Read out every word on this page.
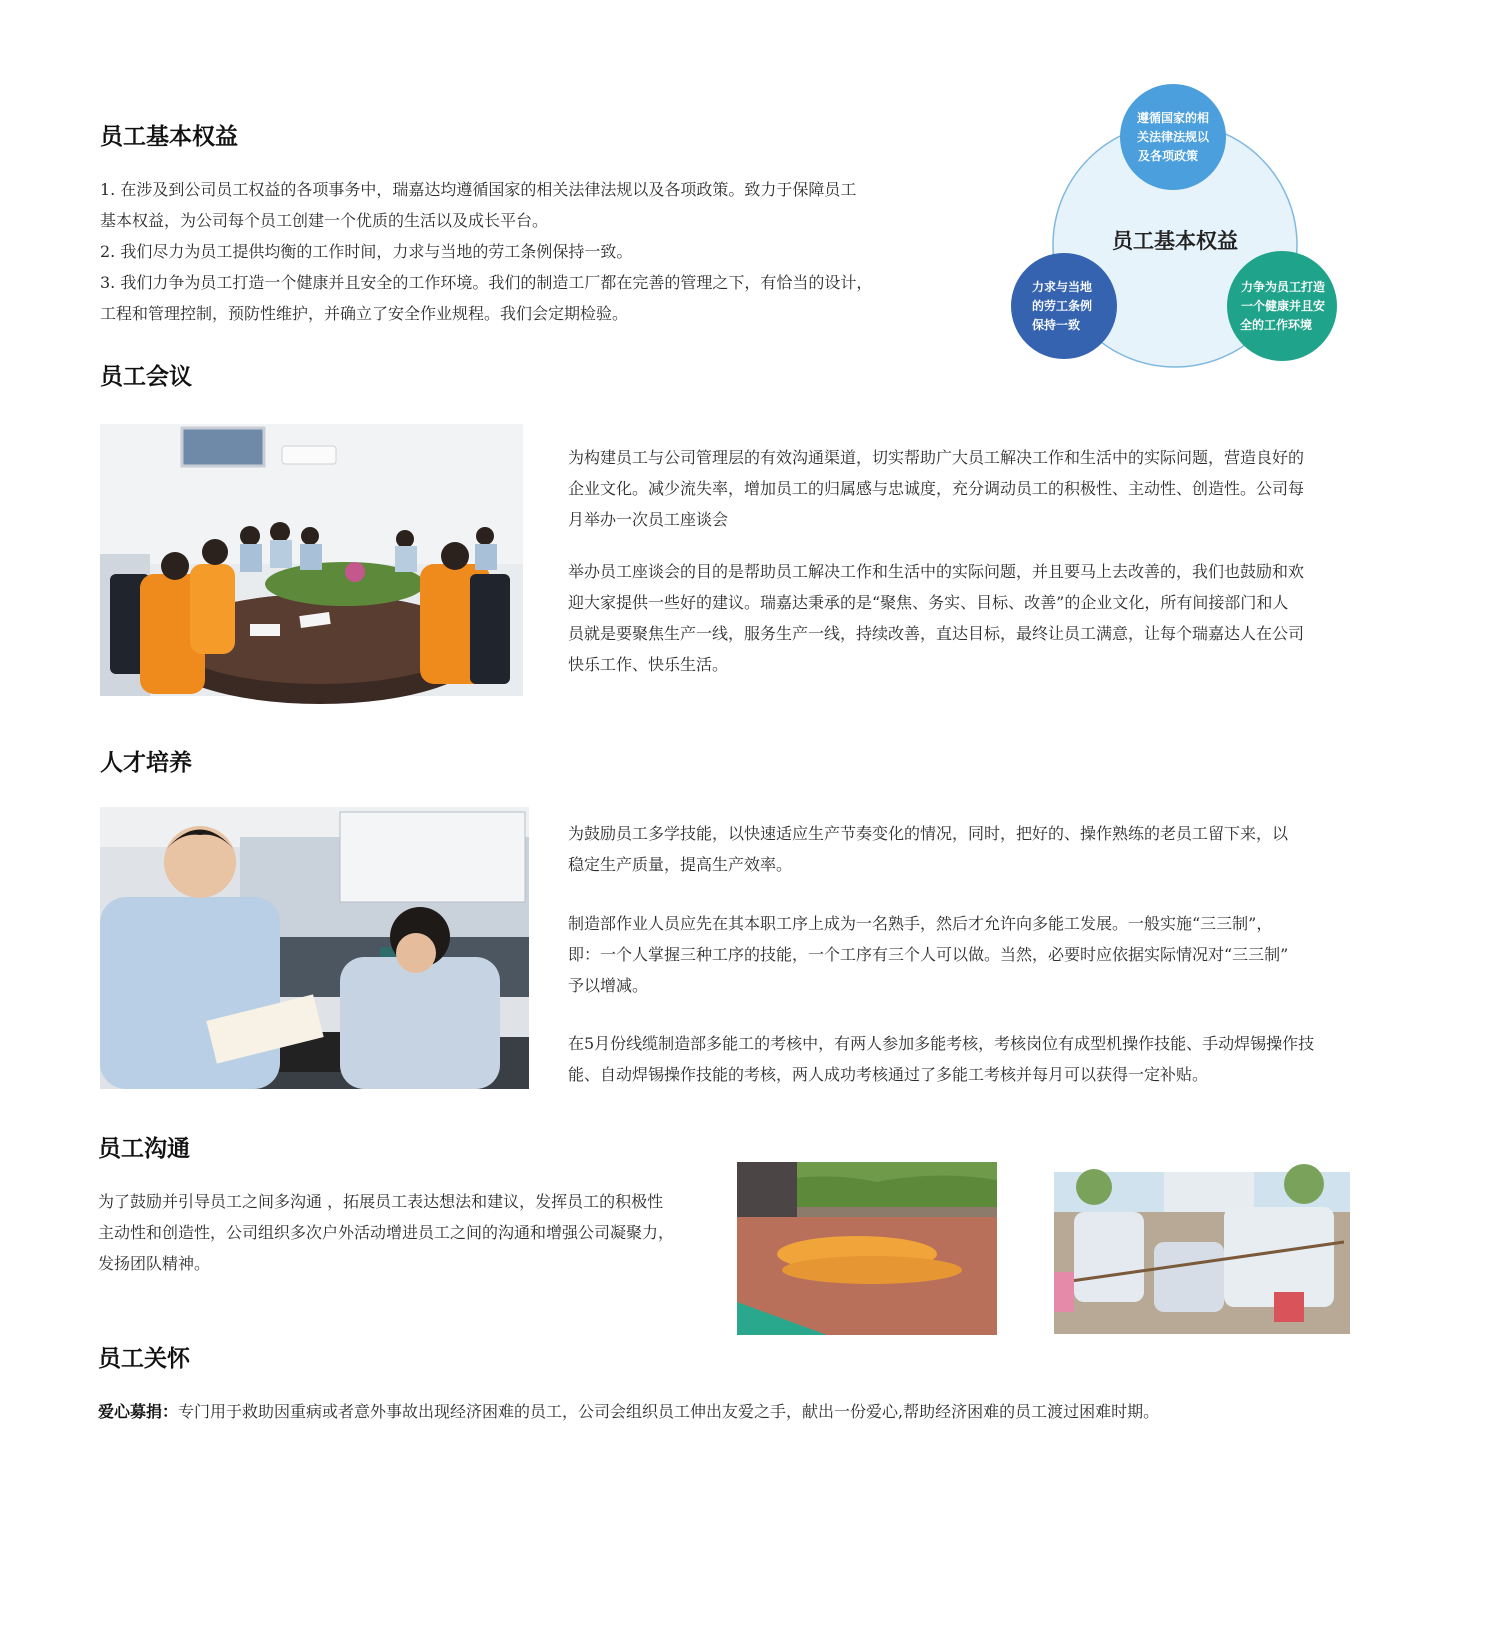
员工基本权益
1. 在涉及到公司员工权益的各项事务中，瑞嘉达均遵循国家的相关法律法规以及各项政策。致力于保障员工
基本权益，为公司每个员工创建一个优质的生活以及成长平台。
2. 我们尽力为员工提供均衡的工作时间，力求与当地的劳工条例保持一致。
3. 我们力争为员工打造一个健康并且安全的工作环境。我们的制造工厂都在完善的管理之下，有恰当的设计，
工程和管理控制，预防性维护，并确立了安全作业规程。我们会定期检验。
员工基本权益
遵循国家的相
关法律法规以
及各项政策
力求与当地
的劳工条例
保持一致
力争为员工打造
一个健康并且安
全的工作环境
员工会议
为构建员工与公司管理层的有效沟通渠道，切实帮助广大员工解决工作和生活中的实际问题，营造良好的
企业文化。减少流失率，增加员工的归属感与忠诚度，充分调动员工的积极性、主动性、创造性。公司每
月举办一次员工座谈会
举办员工座谈会的目的是帮助员工解决工作和生活中的实际问题，并且要马上去改善的，我们也鼓励和欢
迎大家提供一些好的建议。瑞嘉达秉承的是“聚焦、务实、目标、改善”的企业文化，所有间接部门和人
员就是要聚焦生产一线，服务生产一线，持续改善，直达目标，最终让员工满意，让每个瑞嘉达人在公司
快乐工作、快乐生活。
人才培养
为鼓励员工多学技能，以快速适应生产节奏变化的情况，同时，把好的、操作熟练的老员工留下来，以
稳定生产质量，提高生产效率。
制造部作业人员应先在其本职工序上成为一名熟手，然后才允许向多能工发展。一般实施“三三制”，
即：一个人掌握三种工序的技能，一个工序有三个人可以做。当然，必要时应依据实际情况对“三三制”
予以增减。
在5月份线缆制造部多能工的考核中，有两人参加多能考核，考核岗位有成型机操作技能、手动焊锡操作技
能、自动焊锡操作技能的考核，两人成功考核通过了多能工考核并每月可以获得一定补贴。
员工沟通
为了鼓励并引导员工之间多沟通 ，拓展员工表达想法和建议，发挥员工的积极性
主动性和创造性，公司组织多次户外活动增进员工之间的沟通和增强公司凝聚力，
发扬团队精神。
员工关怀
爱心募捐：专门用于救助因重病或者意外事故出现经济困难的员工，公司会组织员工伸出友爱之手，献出一份爱心,帮助经济困难的员工渡过困难时期。
